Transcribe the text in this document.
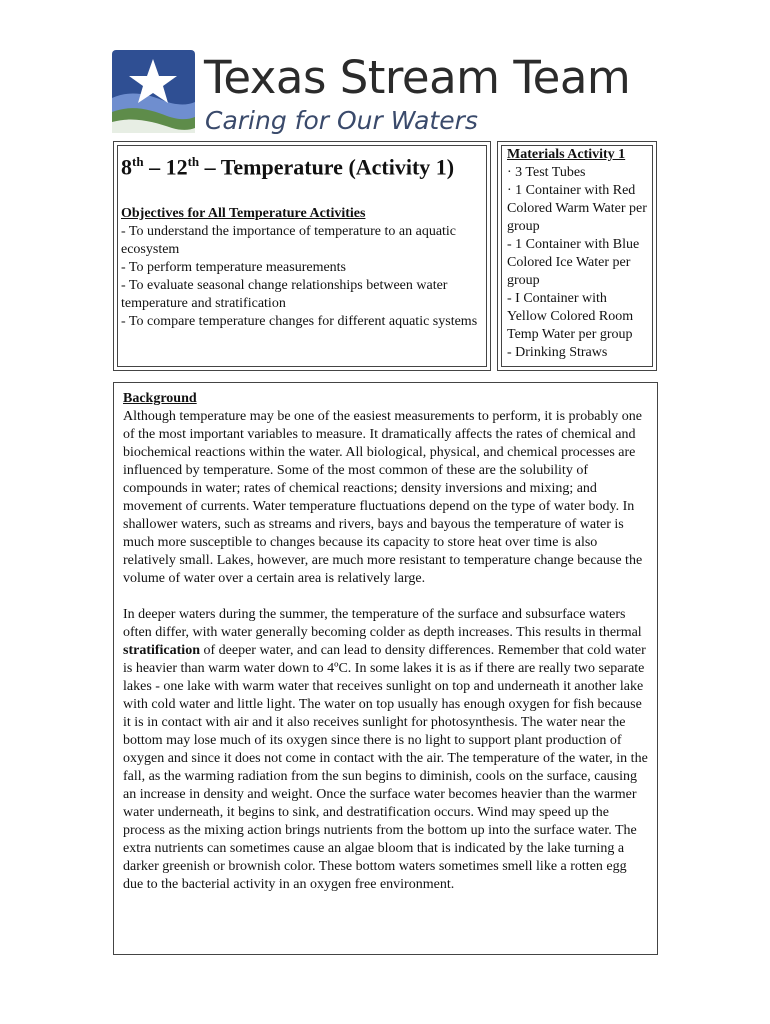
Texas Stream Team
Caring for Our Waters
8th – 12th – Temperature (Activity 1)
Objectives for All Temperature Activities
- To understand the importance of temperature to an aquatic ecosystem
- To perform temperature measurements
- To evaluate seasonal change relationships between water temperature and stratification
- To compare temperature changes for different aquatic systems
Materials Activity 1
· 3 Test Tubes
· 1 Container with Red Colored Warm Water per group
- 1 Container with Blue Colored Ice Water per group
- I Container with Yellow Colored Room Temp Water per group
- Drinking Straws
Background

Although temperature may be one of the easiest measurements to perform, it is probably one of the most important variables to measure. It dramatically affects the rates of chemical and biochemical reactions within the water. All biological, physical, and chemical processes are influenced by temperature. Some of the most common of these are the solubility of compounds in water; rates of chemical reactions; density inversions and mixing; and movement of currents. Water temperature fluctuations depend on the type of water body. In shallower waters, such as streams and rivers, bays and bayous the temperature of water is much more susceptible to changes because its capacity to store heat over time is also relatively small. Lakes, however, are much more resistant to temperature change because the volume of water over a certain area is relatively large.

In deeper waters during the summer, the temperature of the surface and subsurface waters often differ, with water generally becoming colder as depth increases. This results in thermal stratification of deeper water, and can lead to density differences. Remember that cold water is heavier than warm water down to 4ºC. In some lakes it is as if there are really two separate lakes - one lake with warm water that receives sunlight on top and underneath it another lake with cold water and little light. The water on top usually has enough oxygen for fish because it is in contact with air and it also receives sunlight for photosynthesis. The water near the bottom may lose much of its oxygen since there is no light to support plant production of oxygen and since it does not come in contact with the air. The temperature of the water, in the fall, as the warming radiation from the sun begins to diminish, cools on the surface, causing an increase in density and weight. Once the surface water becomes heavier than the warmer water underneath, it begins to sink, and destratification occurs. Wind may speed up the process as the mixing action brings nutrients from the bottom up into the surface water. The extra nutrients can sometimes cause an algae bloom that is indicated by the lake turning a darker greenish or brownish color. These bottom waters sometimes smell like a rotten egg due to the bacterial activity in an oxygen free environment.
